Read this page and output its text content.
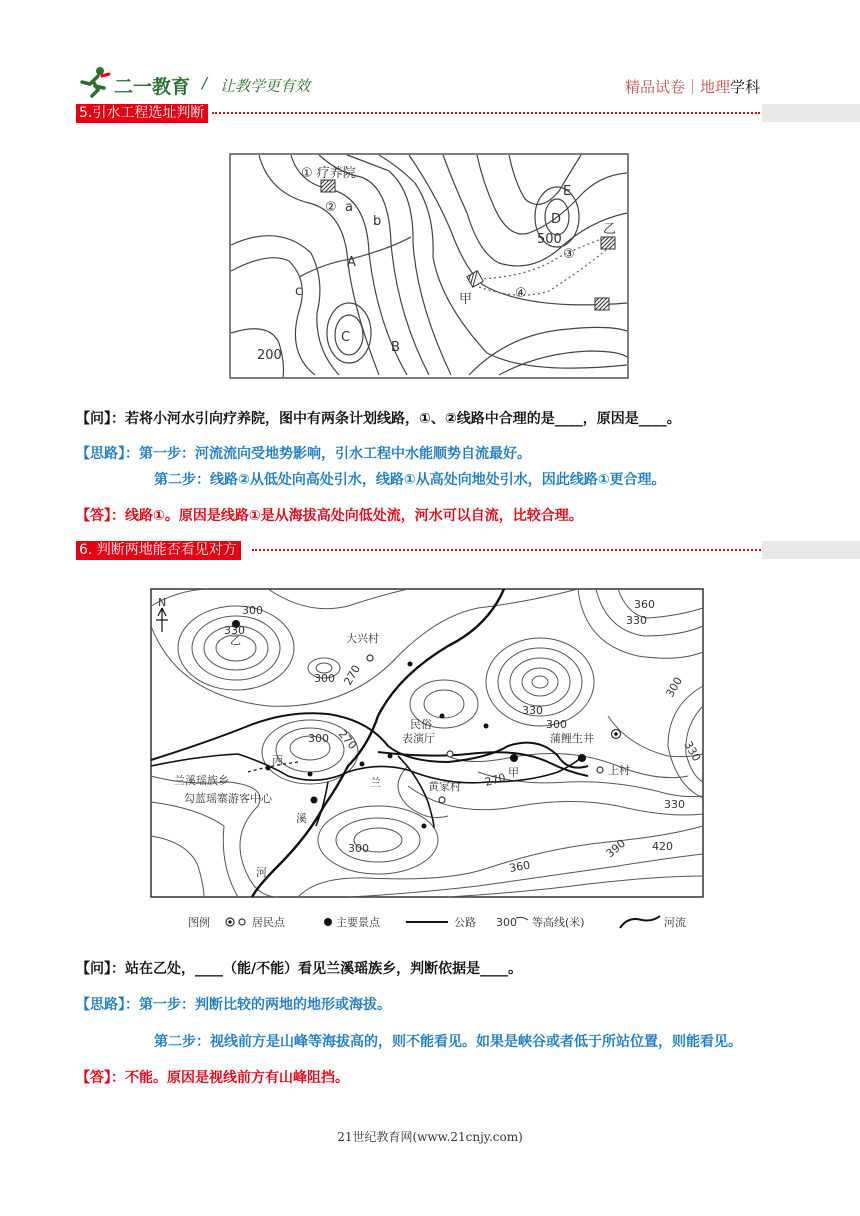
二一教育 / 让教学更有效	精品试卷｜地理学科
5.引水工程选址判断
① 疗养院
② a
b
A
c
C
B
200
E
D
500
③
乙
甲	④
【问】：若将小河水引向疗养院，图中有两条计划线路，①、②线路中合理的是____，原因是____。
【思路】：第一步：河流流向受地势影响，引水工程中水能顺势自流最好。
第二步：线路②从低处向高处引水，线路①从高处向地处引水，因此线路①更合理。
【答】：线路①。原因是线路①是从海拔高处向低处流，河水可以自流，比较合理。
6. 判断两地能否看见对方
N
300
330
乙	大兴村
300 270
360
330
300
330
300
330
270
300
丙
民俗
表演厅	蒲鲤生井
上村
兰溪瑶族乡	兰	黄家村
甲
270
勾蓝瑶寨游客中心
溪
330
300	390 420
360
河
图例	居民点	主要景点	公路 300 等高线(米)	河流
【问】：站在乙处，____（能/不能）看见兰溪瑶族乡，判断依据是____。
【思路】：第一步：判断比较的两地的地形或海拔。
第二步：视线前方是山峰等海拔高的，则不能看见。如果是峡谷或者低于所站位置，则能看见。
【答】：不能。原因是视线前方有山峰阻挡。
21世纪教育网(www.21cnjy.com)
